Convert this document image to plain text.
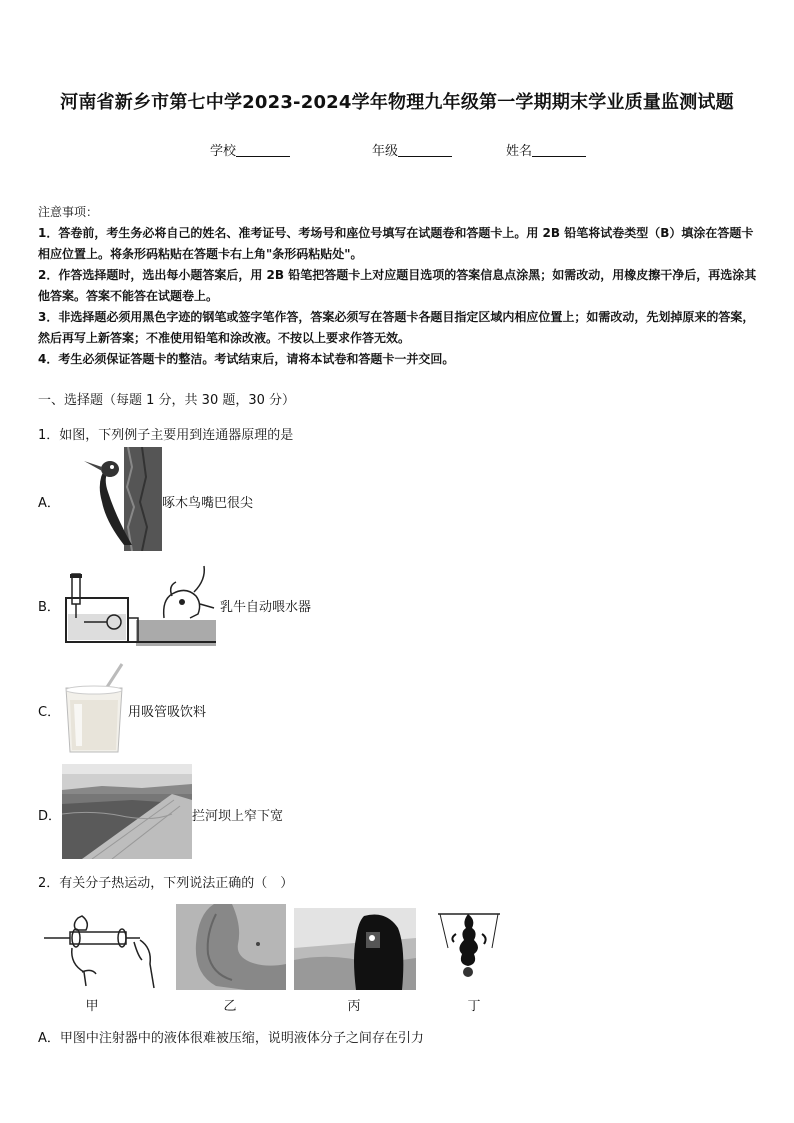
河南省新乡市第七中学2023-2024学年物理九年级第一学期期末学业质量监测试题
学校	年级	姓名

注意事项：

1．答卷前，考生务必将自己的姓名、准考证号、考场号和座位号填写在试题卷和答题卡上。用 2B 铅笔将试卷类型（B）填涂在答题卡相应位置上。将条形码粘贴在答题卡右上角"条形码粘贴处"。

2．作答选择题时，选出每小题答案后，用 2B 铅笔把答题卡上对应题目选项的答案信息点涂黑；如需改动，用橡皮擦干净后，再选涂其他答案。答案不能答在试题卷上。

3．非选择题必须用黑色字迹的钢笔或签字笔作答，答案必须写在答题卡各题目指定区域内相应位置上；如需改动，先划掉原来的答案，然后再写上新答案；不准使用铅笔和涂改液。不按以上要求作答无效。

4．考生必须保证答题卡的整洁。考试结束后，请将本试卷和答题卡一并交回。

一、选择题（每题 1 分，共 30 题，30 分）
1．如图，下列例子主要用到连通器原理的是
A．	啄木鸟嘴巴很尖
B．	乳牛自动喂水器
C．	用吸管吸饮料
D．	拦河坝上窄下宽
2．有关分子热运动，下列说法正确的（　）
甲	乙	丙	丁
A．甲图中注射器中的液体很难被压缩，说明液体分子之间存在引力
